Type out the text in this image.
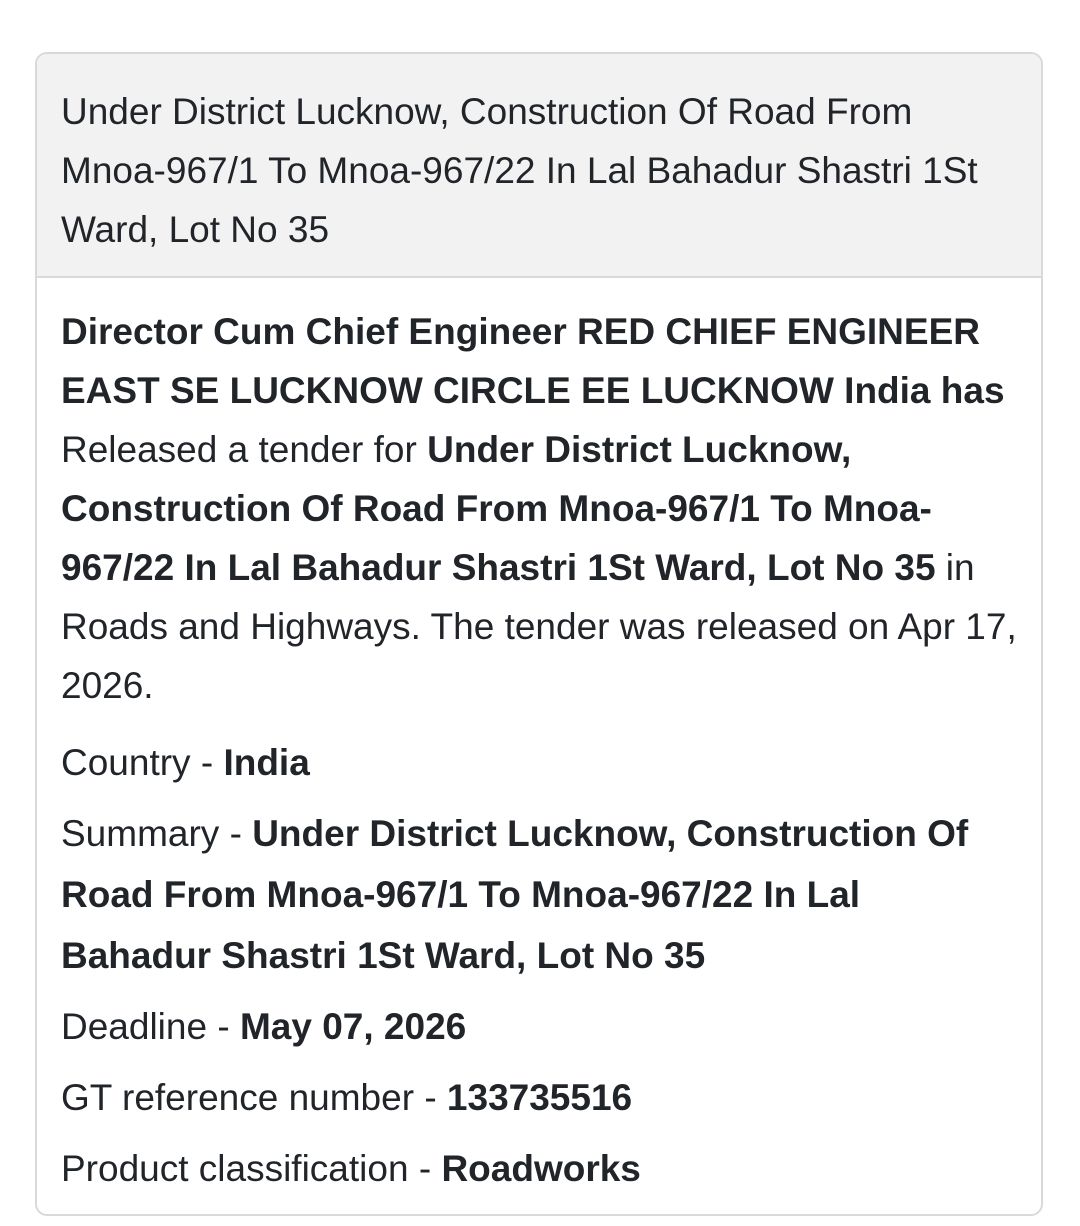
Under District Lucknow, Construction Of Road From Mnoa-967/1 To Mnoa-967/22 In Lal Bahadur Shastri 1St Ward, Lot No 35

Director Cum Chief Engineer RED CHIEF ENGINEER EAST SE LUCKNOW CIRCLE EE LUCKNOW India has Released a tender for Under District Lucknow, Construction Of Road From Mnoa-967/1 To Mnoa-967/22 In Lal Bahadur Shastri 1St Ward, Lot No 35 in Roads and Highways. The tender was released on Apr 17, 2026.

Country - India

Summary - Under District Lucknow, Construction Of Road From Mnoa-967/1 To Mnoa-967/22 In Lal Bahadur Shastri 1St Ward, Lot No 35

Deadline - May 07, 2026

GT reference number - 133735516

Product classification - Roadworks
